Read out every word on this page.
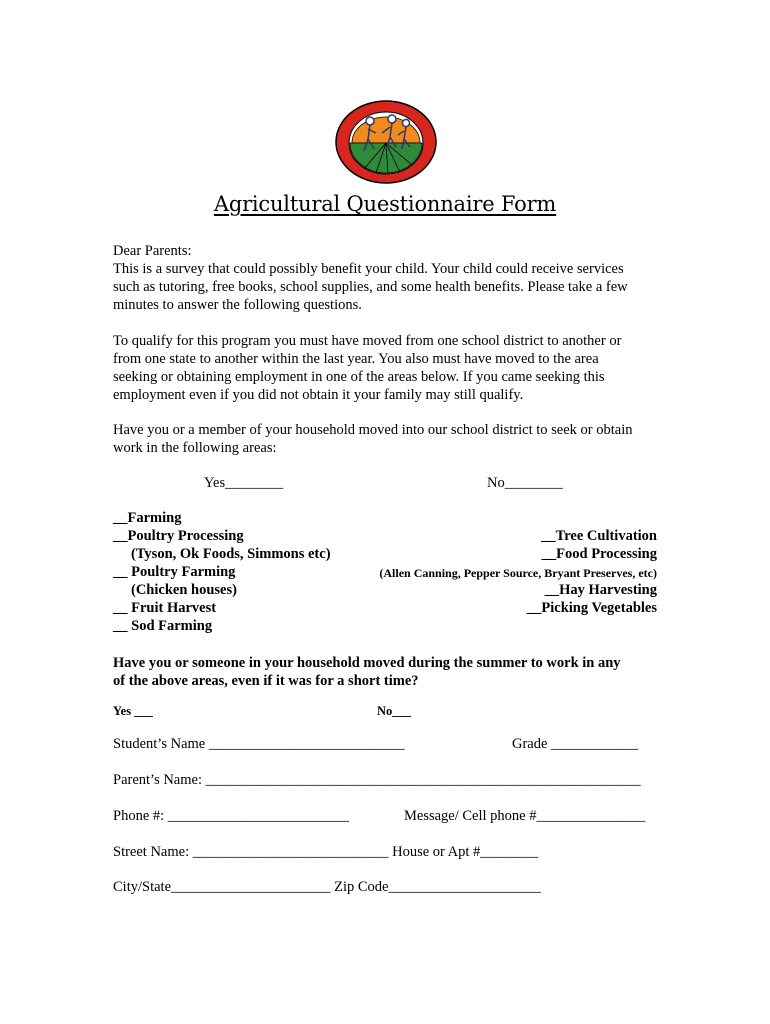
Agricultural Questionnaire Form
Dear Parents:
This is a survey that could possibly benefit your child. Your child could receive services
such as tutoring, free books, school supplies, and some health benefits. Please take a few
minutes to answer the following questions.
To qualify for this program you must have moved from one school district to another or
from one state to another within the last year. You also must have moved to the area
seeking or obtaining employment in one of the areas below. If you came seeking this
employment even if you did not obtain it your family may still qualify.
Have you or a member of your household moved into our school district to seek or obtain
work in the following areas:
Yes________	No________
__Farming
__Poultry Processing
(Tyson, Ok Foods, Simmons etc)
__ Poultry Farming
(Chicken houses)
__ Fruit Harvest
__ Sod Farming
__Tree Cultivation
__Food Processing
(Allen Canning, Pepper Source, Bryant Preserves, etc)
__Hay Harvesting
__Picking Vegetables
Have you or someone in your household moved during the summer to work in any
of the above areas, even if it was for a short time?
Yes ___	No___
Student’s Name ___________________________	Grade ____________
Parent’s Name: ____________________________________________________________
Phone #: _________________________	Message/ Cell phone #_______________
Street Name: ___________________________ House or Apt #________
City/State______________________ Zip Code_____________________
